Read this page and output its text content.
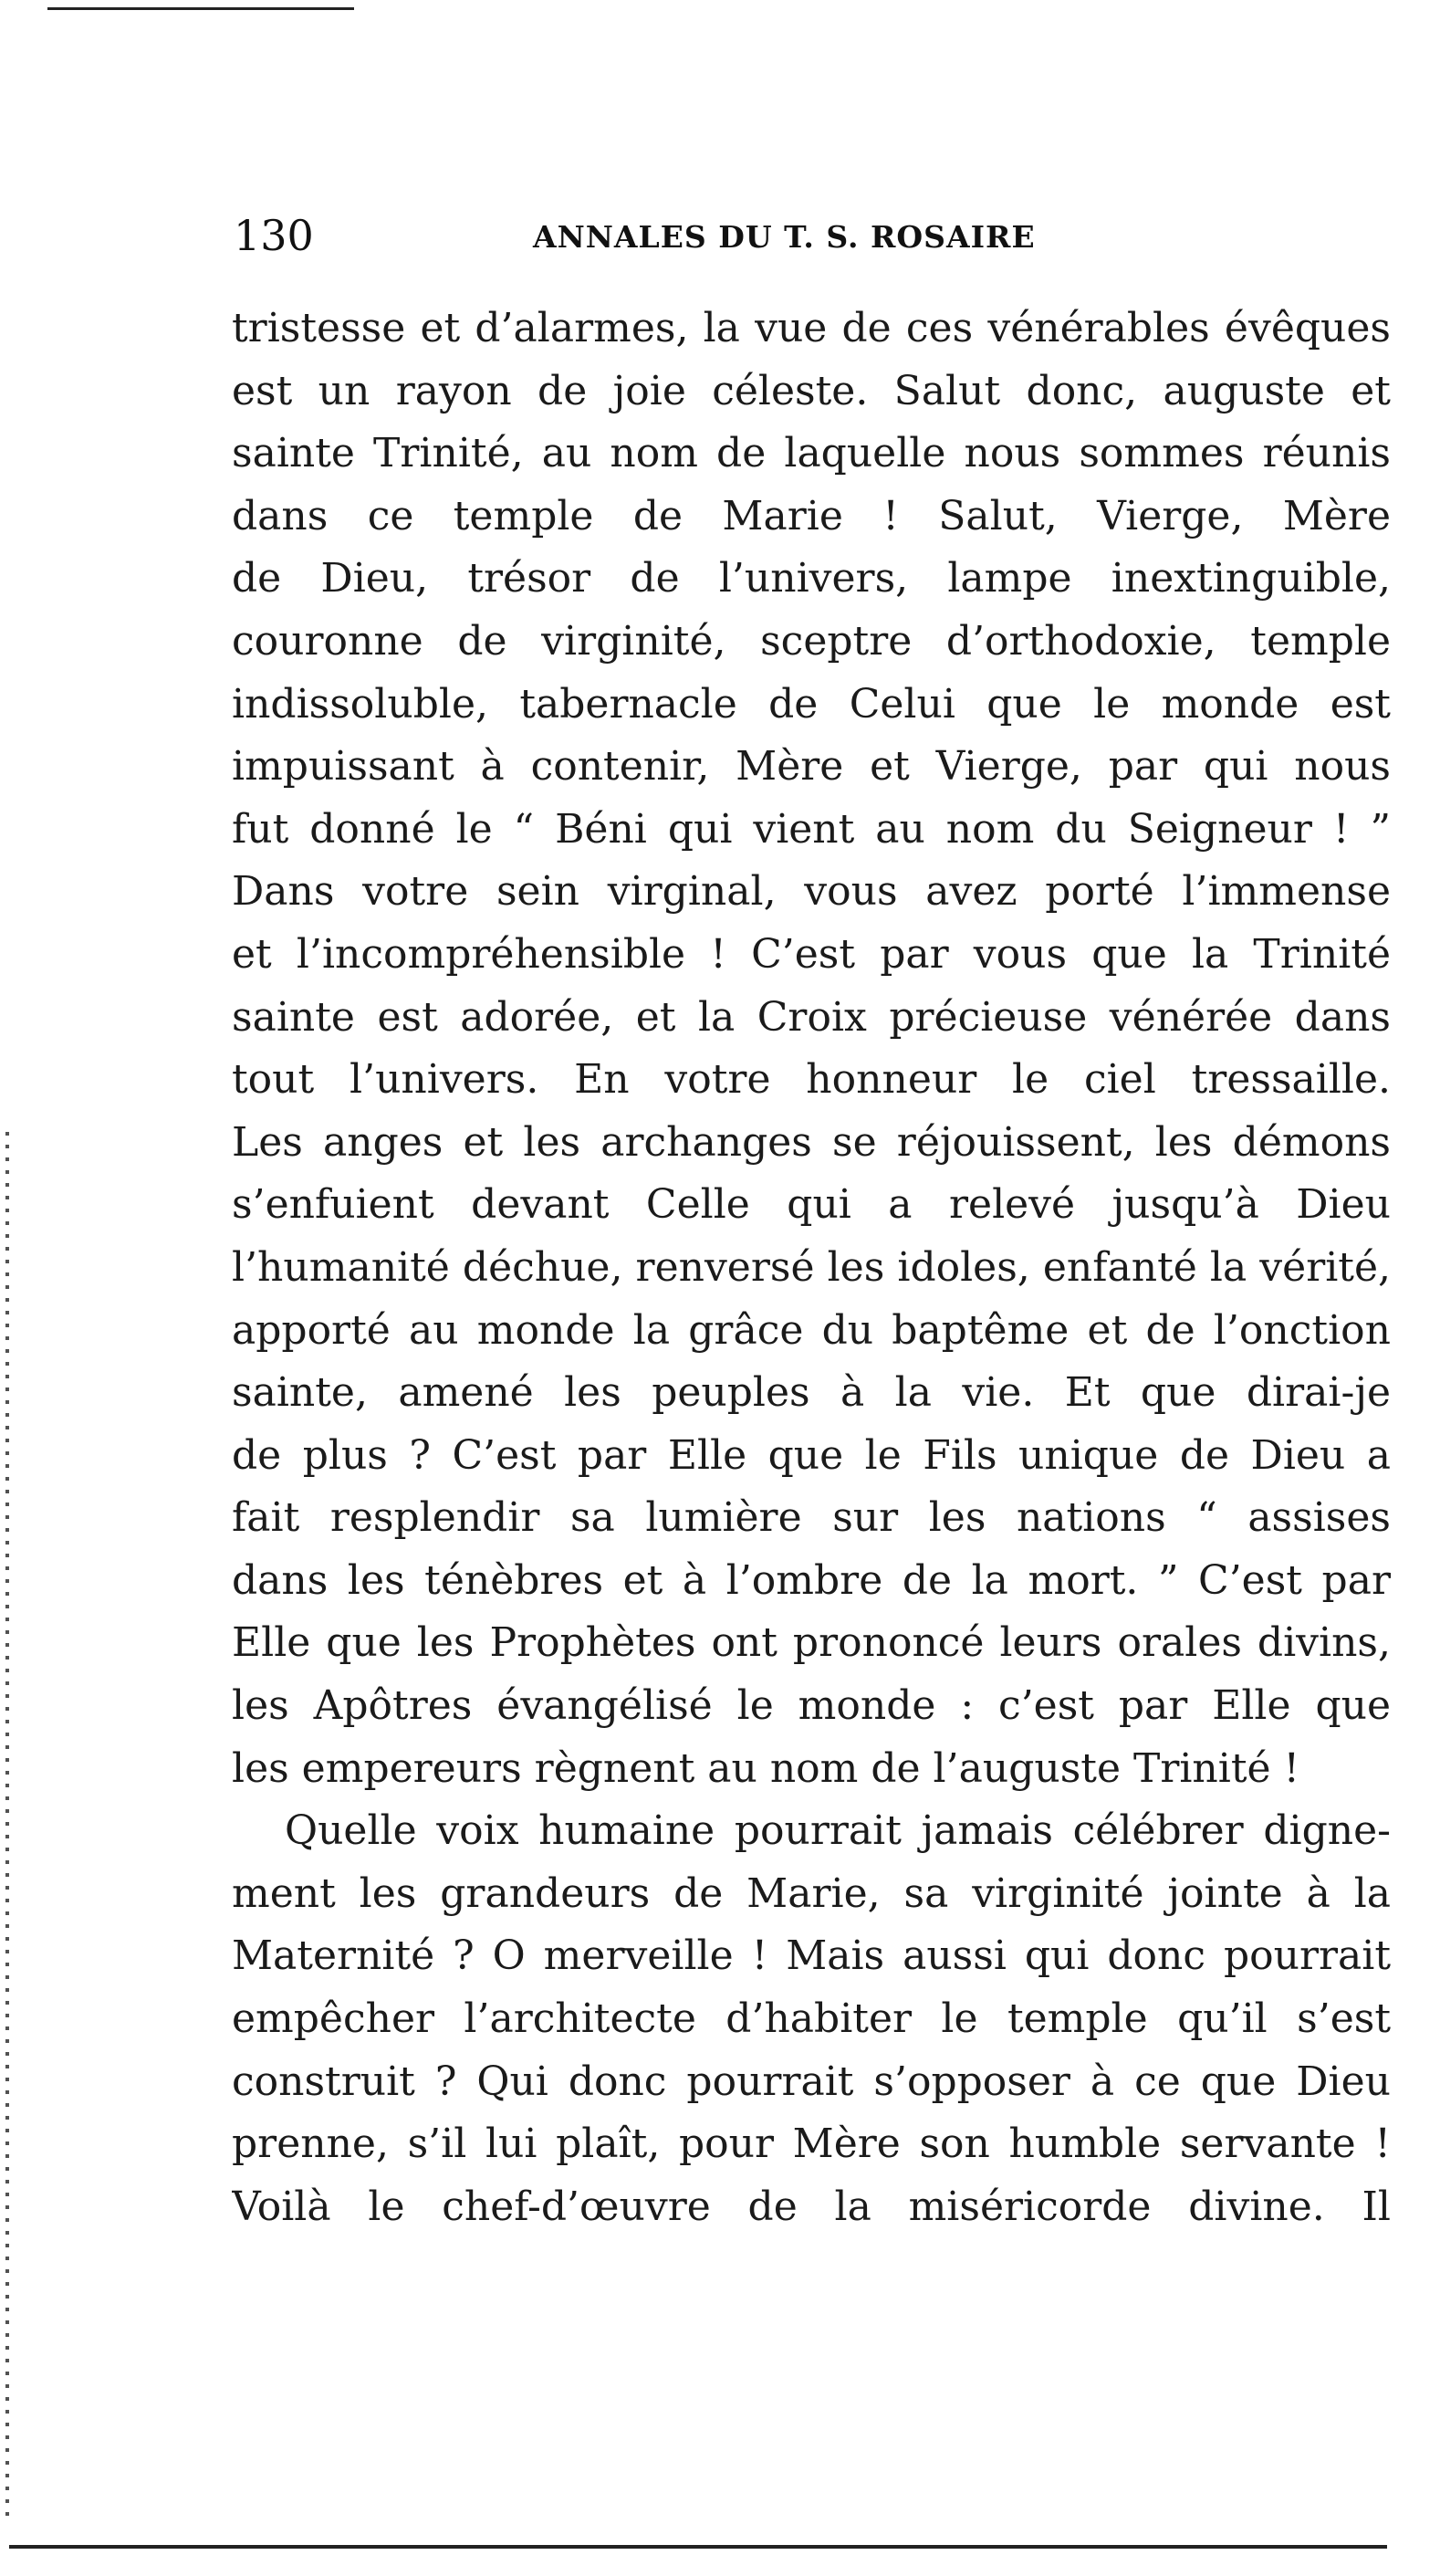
130	ANNALES DU T. S. ROSAIRE
tristesse et d’alarmes, la vue de ces vénérables évêques
est un rayon de joie céleste. Salut donc, auguste et
sainte Trinité, au nom de laquelle nous sommes réunis
dans ce temple de Marie ! Salut, Vierge, Mère
de Dieu, trésor de l’univers, lampe inextinguible,
couronne de virginité, sceptre d’orthodoxie, temple
indissoluble, tabernacle de Celui que le monde est
impuissant à contenir, Mère et Vierge, par qui nous
fut donné le “ Béni qui vient au nom du Seigneur ! ”
Dans votre sein virginal, vous avez porté l’immense
et l’incompréhensible ! C’est par vous que la Trinité
sainte est adorée, et la Croix précieuse vénérée dans
tout l’univers. En votre honneur le ciel tressaille.
Les anges et les archanges se réjouissent, les démons
s’enfuient devant Celle qui a relevé jusqu’à Dieu
l’humanité déchue, renversé les idoles, enfanté la vérité,
apporté au monde la grâce du baptême et de l’onction
sainte, amené les peuples à la vie. Et que dirai-je
de plus ? C’est par Elle que le Fils unique de Dieu a
fait resplendir sa lumière sur les nations “ assises
dans les ténèbres et à l’ombre de la mort. ” C’est par
Elle que les Prophètes ont prononcé leurs orales divins,
les Apôtres évangélisé le monde : c’est par Elle que
les empereurs règnent au nom de l’auguste Trinité !
Quelle voix humaine pourrait jamais célébrer digne-
ment les grandeurs de Marie, sa virginité jointe à la
Maternité ? O merveille ! Mais aussi qui donc pourrait
empêcher l’architecte d’habiter le temple qu’il s’est
construit ? Qui donc pourrait s’opposer à ce que Dieu
prenne, s’il lui plaît, pour Mère son humble servante !
Voilà le chef-d’œuvre de la miséricorde divine. Il
